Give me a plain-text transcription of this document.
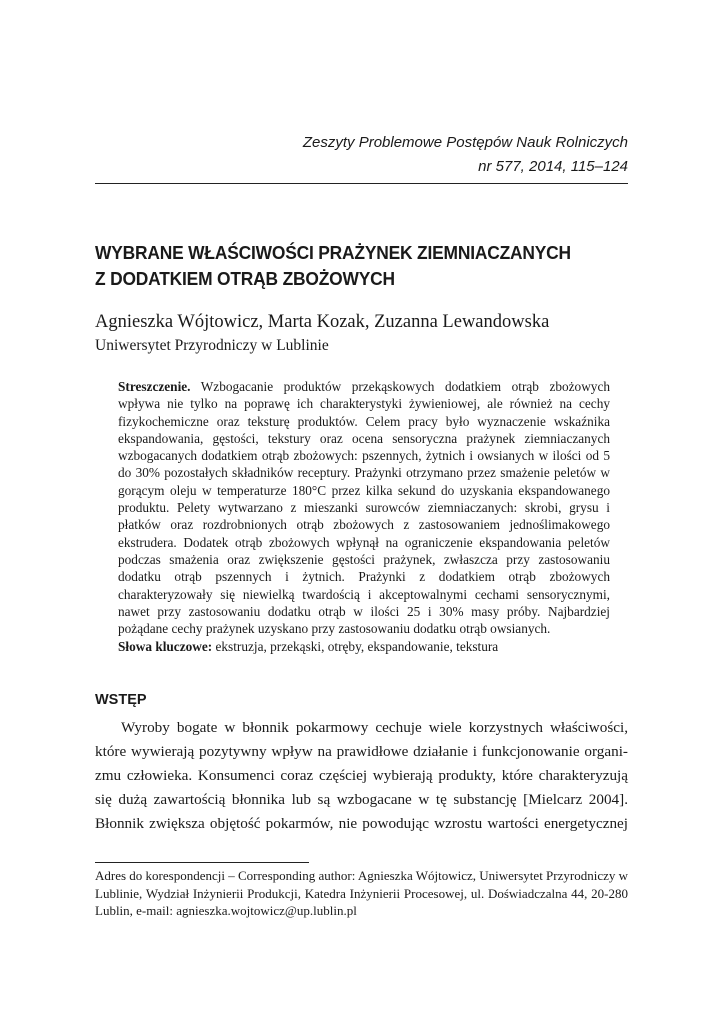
Zeszyty Problemowe Postępów Nauk Rolniczych
nr 577, 2014, 115–124
WYBRANE WŁAŚCIWOŚCI PRAŻYNEK ZIEMNIACZANYCH
Z DODATKIEM OTRĄB ZBOŻOWYCH
Agnieszka Wójtowicz, Marta Kozak, Zuzanna Lewandowska
Uniwersytet Przyrodniczy w Lublinie
Streszczenie. Wzbogacanie produktów przekąskowych dodatkiem otrąb zbożowych wpływa nie tylko na poprawę ich charakterystyki żywieniowej, ale również na cechy fizykochemiczne oraz teksturę produktów. Celem pracy było wyznaczenie wskaźnika ekspandowania, gęstości, tekstury oraz ocena sensoryczna prażynek ziemniaczanych wzbogacanych dodatkiem otrąb zbożowych: pszennych, żytnich i owsianych w ilości od 5 do 30% pozostałych składników receptury. Prażynki otrzymano przez smażenie peletów w gorącym oleju w temperaturze 180°C przez kilka sekund do uzyskania ekspandowanego produktu. Pelety wytwarzano z mieszanki surowców ziemniaczanych: skrobi, grysu i płatków oraz rozdrobnionych otrąb zbożowych z zastosowaniem jednoślimakowego ekstrudera. Dodatek otrąb zbożowych wpłynął na ograniczenie ekspandowania peletów podczas smażenia oraz zwiększenie gęstości prażynek, zwłaszcza przy zastosowaniu dodatku otrąb pszennych i żytnich. Prażynki z dodatkiem otrąb zbożowych charakteryzowały się niewielką twardością i akceptowalnymi cechami sensorycznymi, nawet przy zastosowaniu dodatku otrąb w ilości 25 i 30% masy próby. Najbardziej pożądane cechy prażynek uzyskano przy zastosowaniu dodatku otrąb owsianych.
Słowa kluczowe: ekstruzja, przekąski, otręby, ekspandowanie, tekstura
WSTĘP
Wyroby bogate w błonnik pokarmowy cechuje wiele korzystnych właściwości,
które wywierają pozytywny wpływ na prawidłowe działanie i funkcjonowanie organi-
zmu człowieka. Konsumenci coraz częściej wybierają produkty, które charakteryzują
się dużą zawartością błonnika lub są wzbogacane w tę substancję [Mielcarz 2004].
Błonnik zwiększa objętość pokarmów, nie powodując wzrostu wartości energetycznej
Adres do korespondencji – Corresponding author: Agnieszka Wójtowicz, Uniwersytet Przyrodniczy w Lublinie, Wydział Inżynierii Produkcji, Katedra Inżynierii Procesowej, ul. Doświadczalna 44, 20-280 Lublin, e-mail: agnieszka.wojtowicz@up.lublin.pl
